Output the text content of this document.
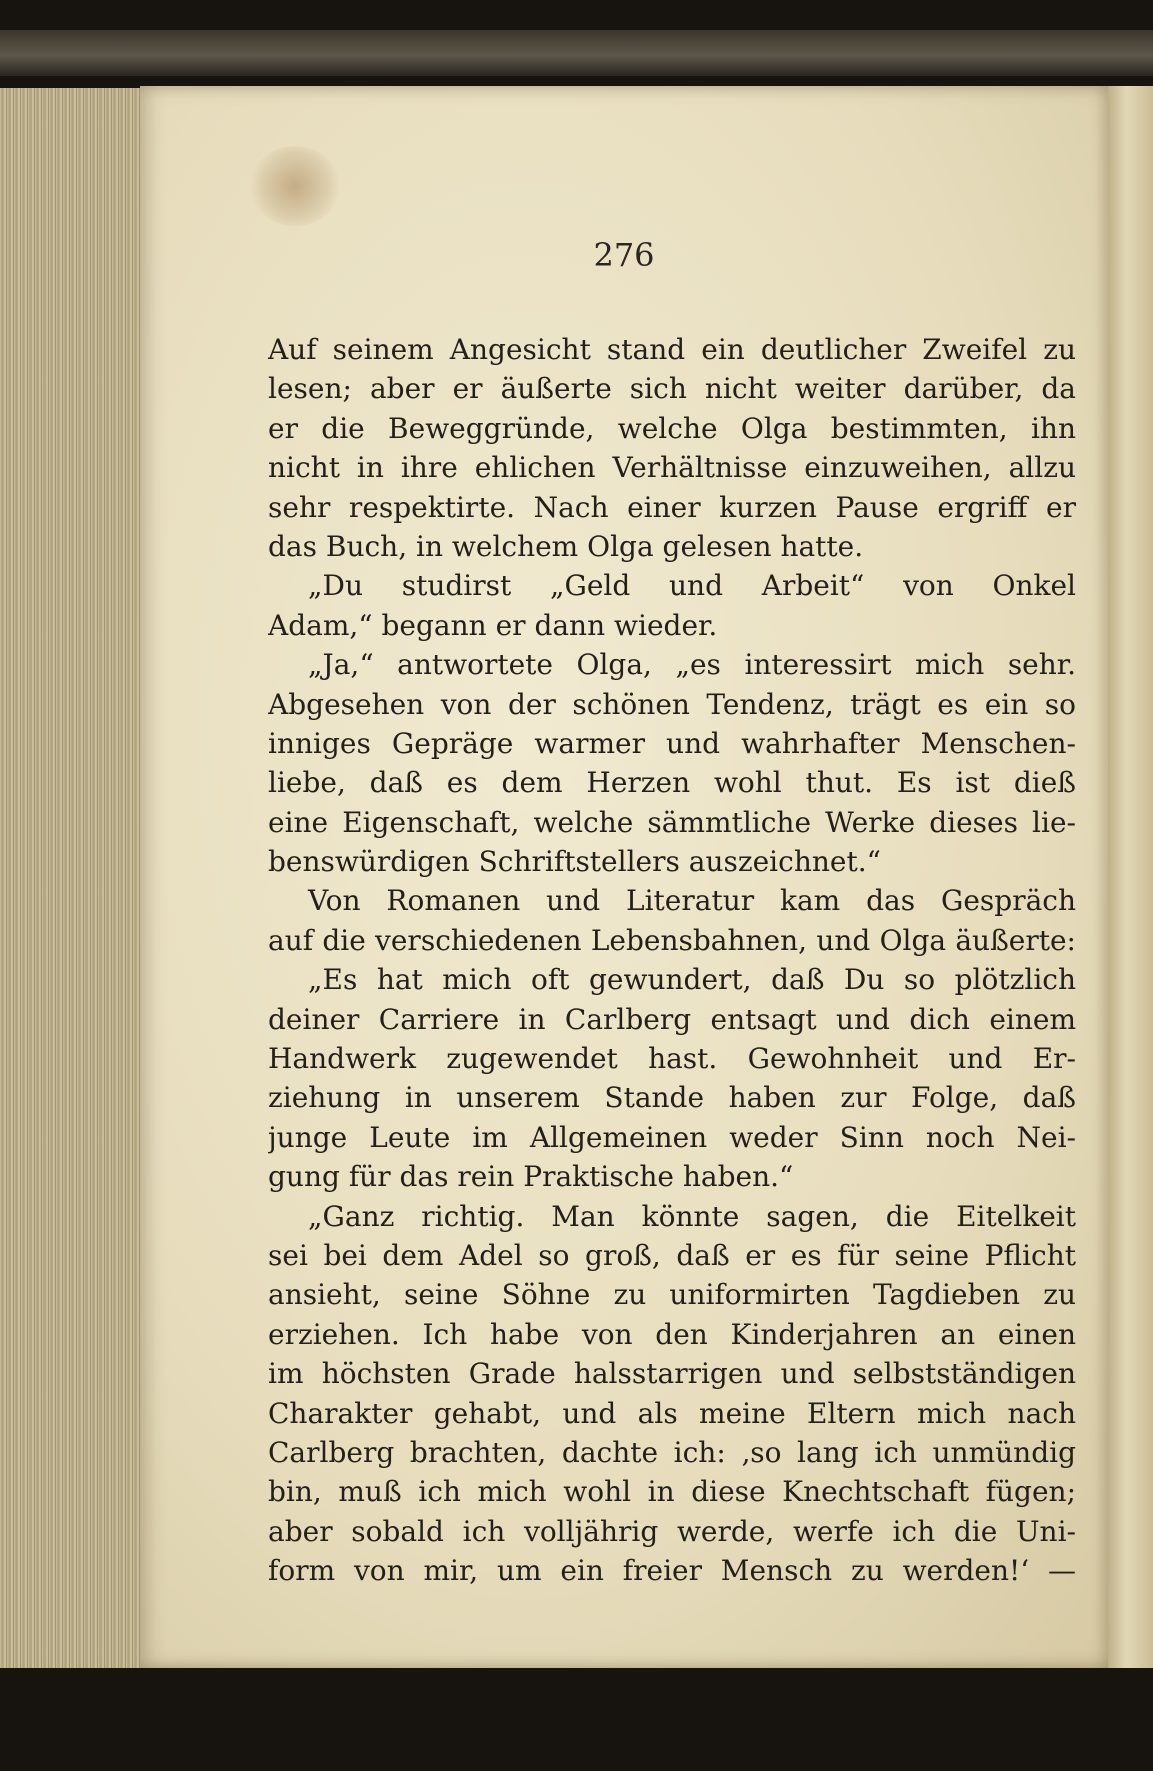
276
Auf seinem Angesicht stand ein deutlicher Zweifel zu
lesen; aber er äußerte sich nicht weiter darüber, da
er die Beweggründe, welche Olga bestimmten, ihn
nicht in ihre ehlichen Verhältnisse einzuweihen, allzu
sehr respektirte. Nach einer kurzen Pause ergriff er
das Buch, in welchem Olga gelesen hatte.
„Du studirst „Geld und Arbeit“ von Onkel
Adam,“ begann er dann wieder.
„Ja,“ antwortete Olga, „es interessirt mich sehr.
Abgesehen von der schönen Tendenz, trägt es ein so
inniges Gepräge warmer und wahrhafter Menschen-
liebe, daß es dem Herzen wohl thut. Es ist dieß
eine Eigenschaft, welche sämmtliche Werke dieses lie-
benswürdigen Schriftstellers auszeichnet.“
Von Romanen und Literatur kam das Gespräch
auf die verschiedenen Lebensbahnen, und Olga äußerte:
„Es hat mich oft gewundert, daß Du so plötzlich
deiner Carriere in Carlberg entsagt und dich einem
Handwerk zugewendet hast. Gewohnheit und Er-
ziehung in unserem Stande haben zur Folge, daß
junge Leute im Allgemeinen weder Sinn noch Nei-
gung für das rein Praktische haben.“
„Ganz richtig. Man könnte sagen, die Eitelkeit
sei bei dem Adel so groß, daß er es für seine Pflicht
ansieht, seine Söhne zu uniformirten Tagdieben zu
erziehen. Ich habe von den Kinderjahren an einen
im höchsten Grade halsstarrigen und selbstständigen
Charakter gehabt, und als meine Eltern mich nach
Carlberg brachten, dachte ich: ‚so lang ich unmündig
bin, muß ich mich wohl in diese Knechtschaft fügen;
aber sobald ich volljährig werde, werfe ich die Uni-
form von mir, um ein freier Mensch zu werden!‘ —
